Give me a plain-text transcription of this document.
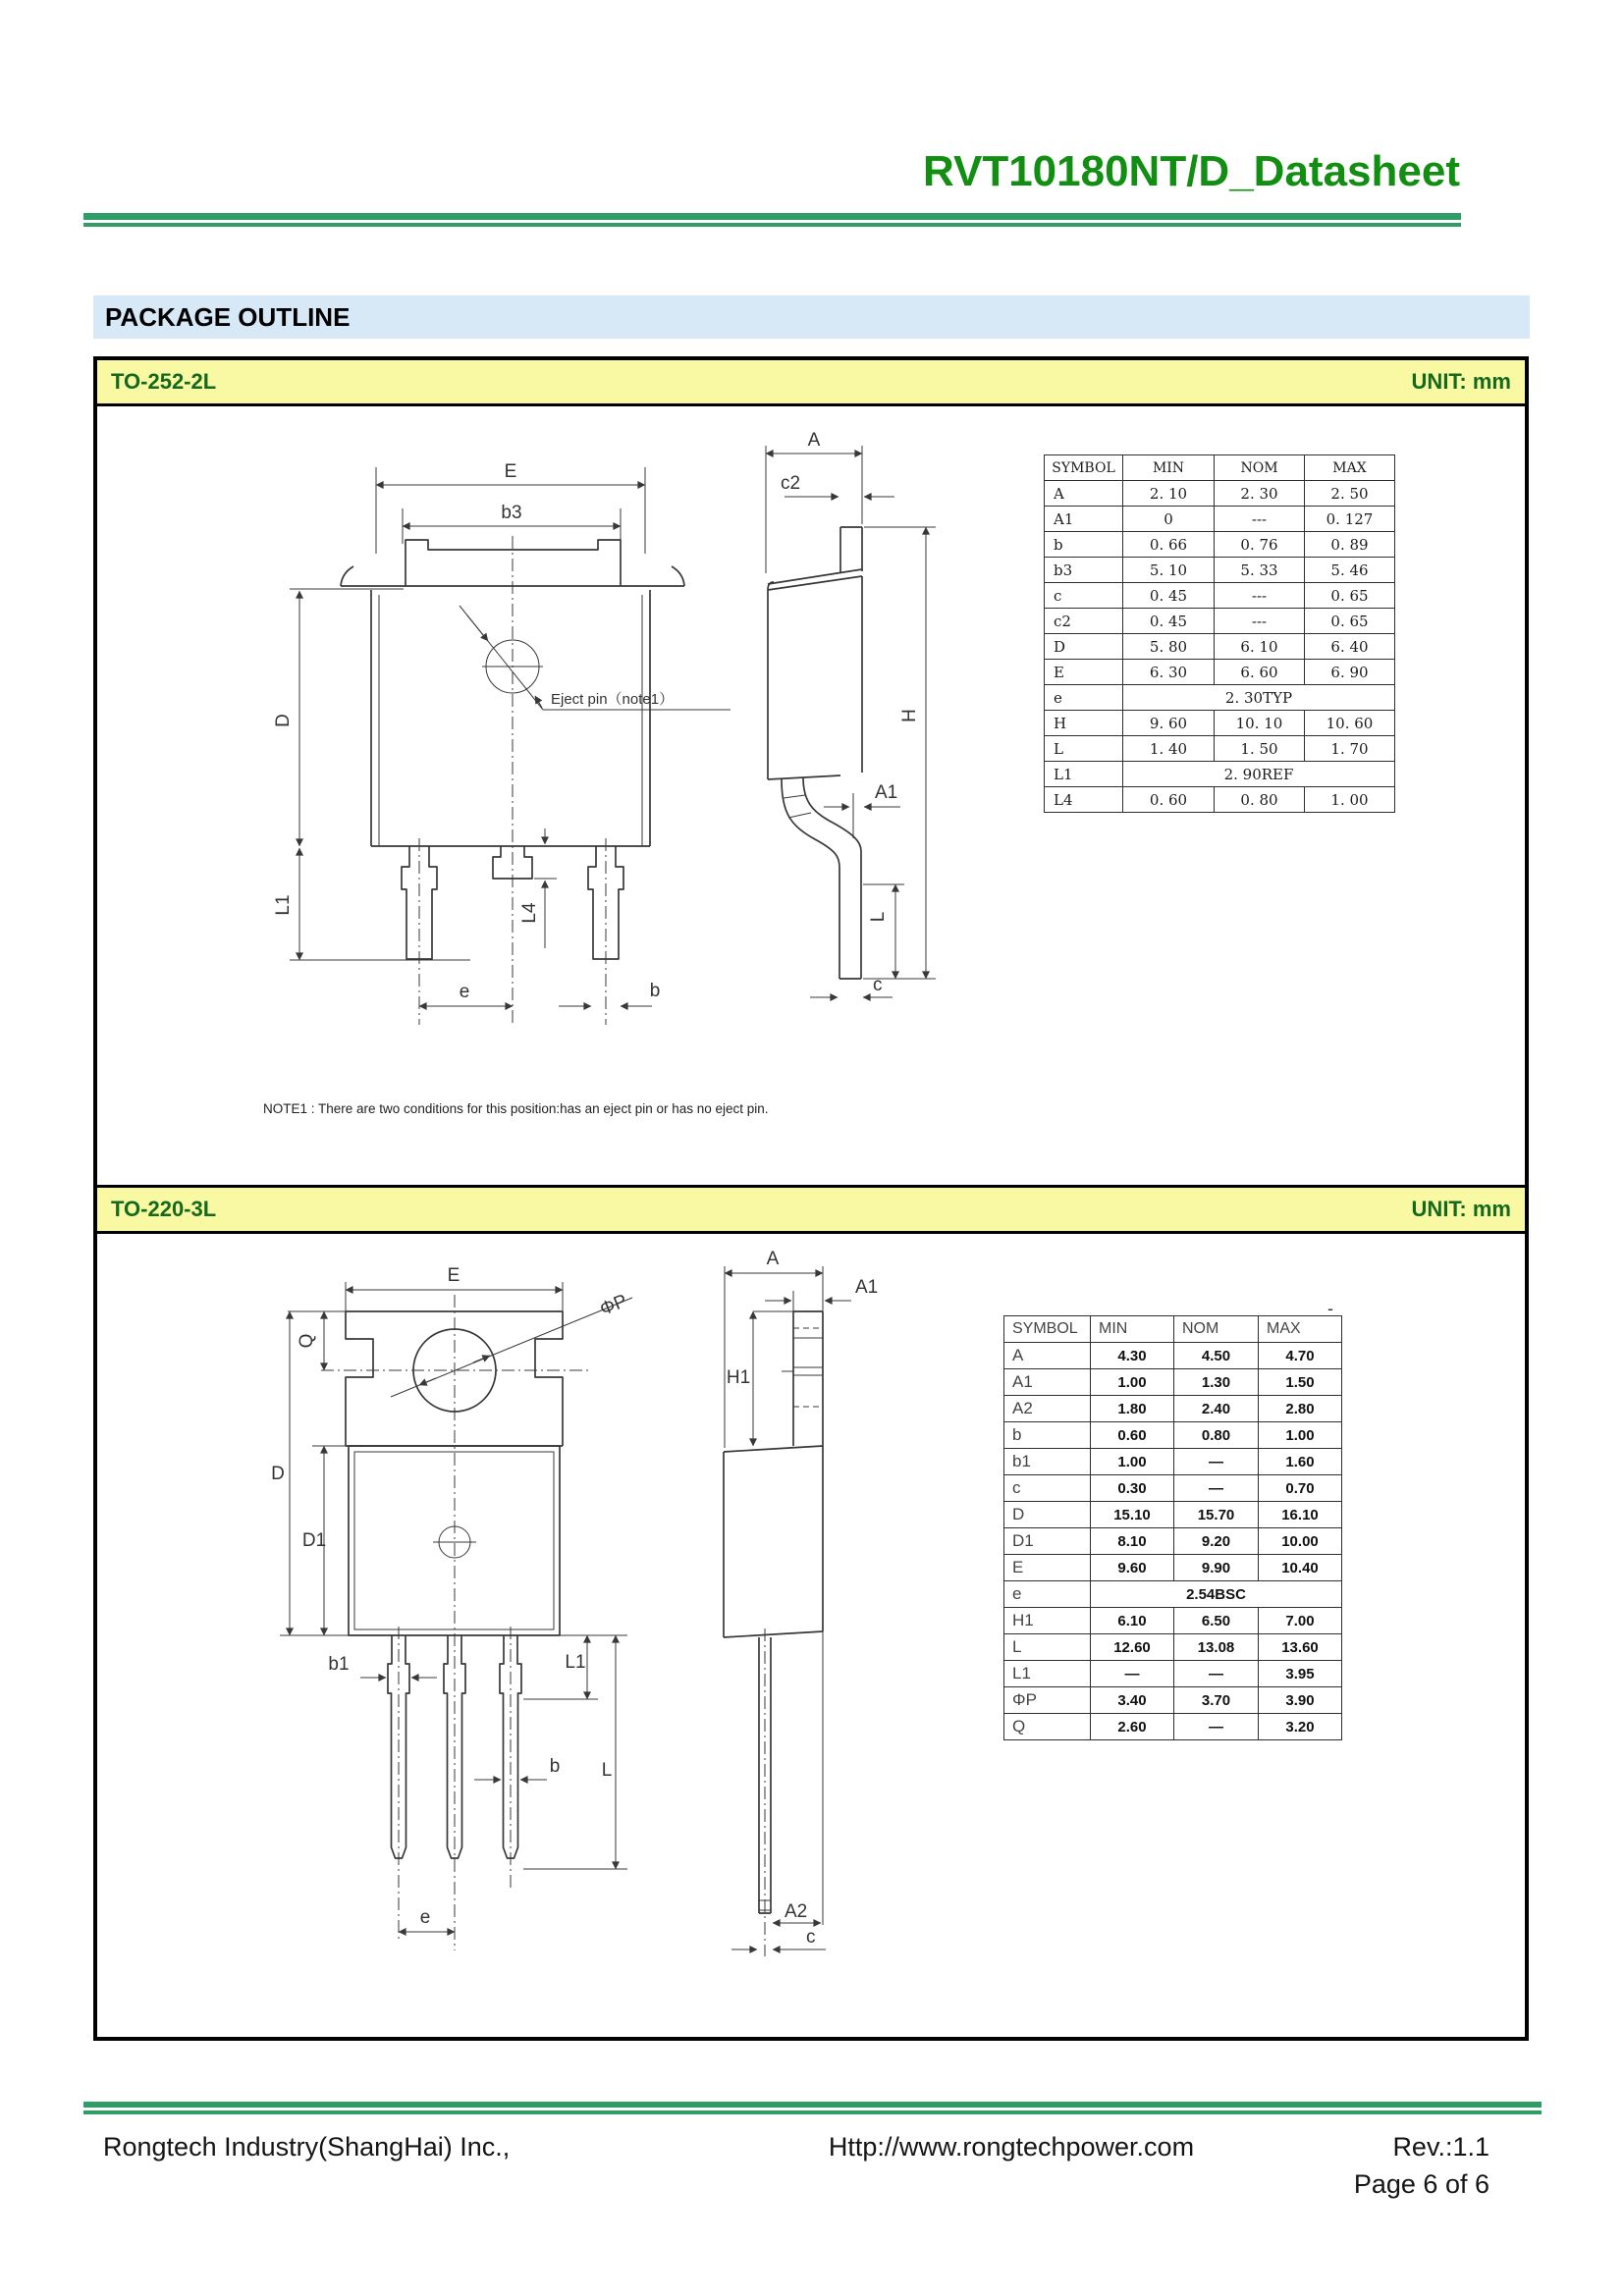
RVT10180NT/D_Datasheet
PACKAGE OUTLINE
TO-252-2L	UNIT: mm
E
b3
Eject pin（note1）
D
L1	L4
e	b
A
c2
A1
H
L
c
SYMBOL	MIN	NOM	MAX
A	2. 10	2. 30	2. 50
A1	0	---	0. 127
b	0. 66	0. 76	0. 89
b3	5. 10	5. 33	5. 46
c	0. 45	---	0. 65
c2	0. 45	---	0. 65
D	5. 80	6. 10	6. 40
E	6. 30	6. 60	6. 90
e	2. 30TYP		
H	9. 60	10. 10	10. 60
L	1. 40	1. 50	1. 70
L1	2. 90REF		
L4	0. 60	0. 80	1. 00
NOTE1 : There are two conditions for this position:has an eject pin or has no eject pin.
TO-220-3L	UNIT: mm
E
ΦP
Q
D
D1
b1
b
e
L1
L
A
A1
H1
A2
c
SYMBOL	MIN	NOM	MAX
A	4.30	4.50	4.70
A1	1.00	1.30	1.50
A2	1.80	2.40	2.80
b	0.60	0.80	1.00
b1	1.00	—	1.60
c	0.30	—	0.70
D	15.10	15.70	16.10
D1	8.10	9.20	10.00
E	9.60	9.90	10.40
e	2.54BSC		
H1	6.10	6.50	7.00
L	12.60	13.08	13.60
L1	—	—	3.95
ΦP	3.40	3.70	3.90
Q	2.60	—	3.20
-
Rongtech Industry(ShangHai) Inc.,	Http://www.rongtechpower.com	Rev.:1.1
Page 6 of 6
